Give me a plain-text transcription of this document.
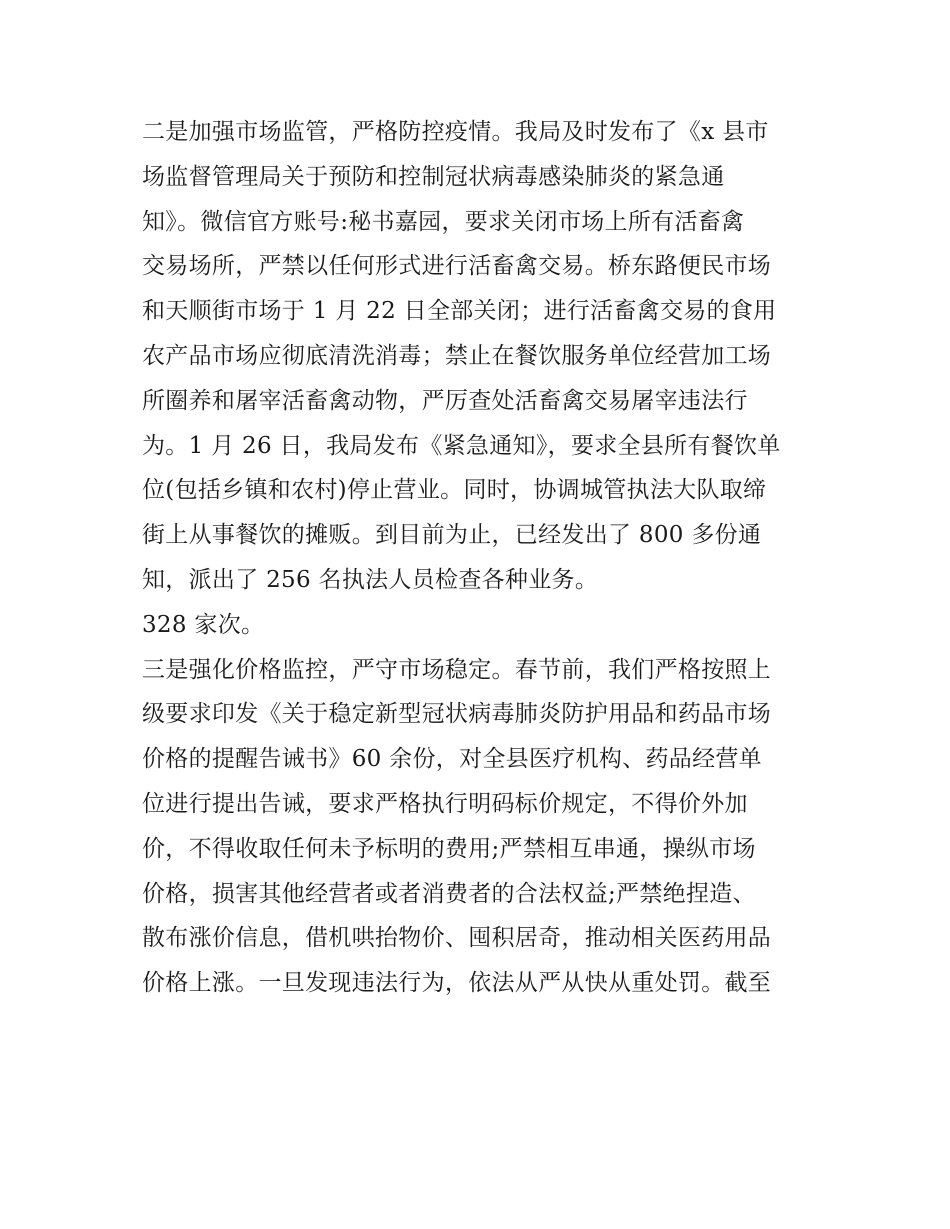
二是加强市场监管，严格防控疫情。我局及时发布了《x 县市
场监督管理局关于预防和控制冠状病毒感染肺炎的紧急通
知》。微信官方账号:秘书嘉园，要求关闭市场上所有活畜禽
交易场所，严禁以任何形式进行活畜禽交易。桥东路便民市场
和天顺街市场于 1 月 22 日全部关闭；进行活畜禽交易的食用
农产品市场应彻底清洗消毒；禁止在餐饮服务单位经营加工场
所圈养和屠宰活畜禽动物，严厉查处活畜禽交易屠宰违法行
为。1 月 26 日，我局发布《紧急通知》，要求全县所有餐饮单
位(包括乡镇和农村)停止营业。同时，协调城管执法大队取缔
街上从事餐饮的摊贩。到目前为止，已经发出了 800 多份通
知，派出了 256 名执法人员检查各种业务。
328 家次。
三是强化价格监控，严守市场稳定。春节前，我们严格按照上
级要求印发《关于稳定新型冠状病毒肺炎防护用品和药品市场
价格的提醒告诫书》60 余份，对全县医疗机构、药品经营单
位进行提出告诫，要求严格执行明码标价规定，不得价外加
价，不得收取任何未予标明的费用;严禁相互串通，操纵市场
价格，损害其他经营者或者消费者的合法权益;严禁绝捏造、
散布涨价信息，借机哄抬物价、囤积居奇，推动相关医药用品
价格上涨。一旦发现违法行为，依法从严从快从重处罚。截至
